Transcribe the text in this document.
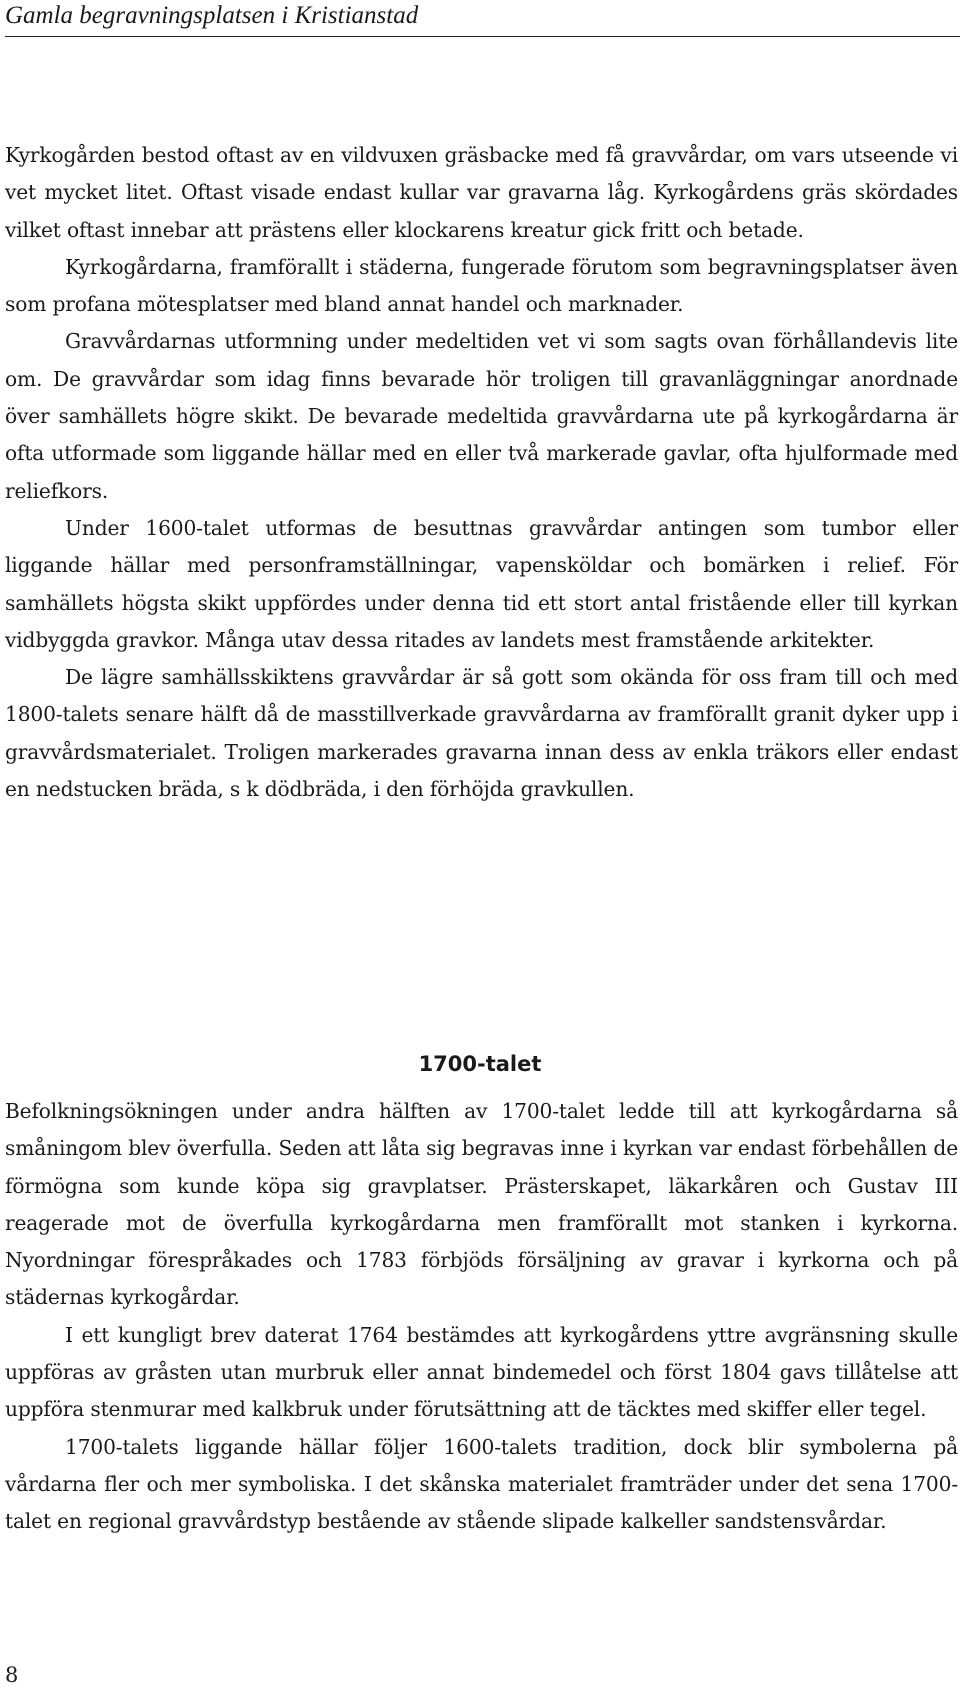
Gamla begravningsplatsen i Kristianstad

Kyrkogården bestod oftast av en vildvuxen gräsbacke med få gravvårdar, om vars utseende vi vet mycket litet. Oftast visade endast kullar var gravarna låg. Kyrkogårdens gräs skördades vilket oftast innebar att prästens eller klockarens kreatur gick fritt och betade.

Kyrkogårdarna, framförallt i städerna, fungerade förutom som begravningsplatser även som profana mötesplatser med bland annat handel och marknader.

Gravvårdarnas utformning under medeltiden vet vi som sagts ovan förhållandevis lite om. De gravvårdar som idag finns bevarade hör troligen till gravanläggningar anordnade över samhällets högre skikt. De bevarade medeltida gravvårdarna ute på kyrkogårdarna är ofta utformade som liggande hällar med en eller två markerade gavlar, ofta hjulformade med reliefkors.

Under 1600-talet utformas de besuttnas gravvårdar antingen som tumbor eller liggande hällar med personframställningar, vapensköldar och bomärken i relief. För samhällets högsta skikt uppfördes under denna tid ett stort antal fristående eller till kyrkan vidbyggda gravkor. Många utav dessa ritades av landets mest framstående arkitekter.

De lägre samhällsskiktens gravvårdar är så gott som okända för oss fram till och med 1800-talets senare hälft då de masstillverkade gravvårdarna av framförallt granit dyker upp i gravvårdsmaterialet. Troligen markerades gravarna innan dess av enkla träkors eller endast en nedstucken bräda, s k dödbräda, i den förhöjda gravkullen.

1700-talet

Befolkningsökningen under andra hälften av 1700-talet ledde till att kyrkogårdarna så småningom blev överfulla. Seden att låta sig begravas inne i kyrkan var endast förbehållen de förmögna som kunde köpa sig gravplatser. Prästerskapet, läkarkåren och Gustav III reagerade mot de överfulla kyrkogårdarna men framförallt mot stanken i kyrkorna. Nyordningar förespråkades och 1783 förbjöds försäljning av gravar i kyrkorna och på städernas kyrkogårdar.

I ett kungligt brev daterat 1764 bestämdes att kyrkogårdens yttre avgränsning skulle uppföras av gråsten utan murbruk eller annat bindemedel och först 1804 gavs tillåtelse att uppföra stenmurar med kalkbruk under förutsättning att de täcktes med skiffer eller tegel.

1700-talets liggande hällar följer 1600-talets tradition, dock blir symbolerna på vårdarna fler och mer symboliska. I det skånska materialet framträder under det sena 1700-talet en regional gravvårdstyp bestående av stående slipade kalkeller sandstensvårdar.

8
